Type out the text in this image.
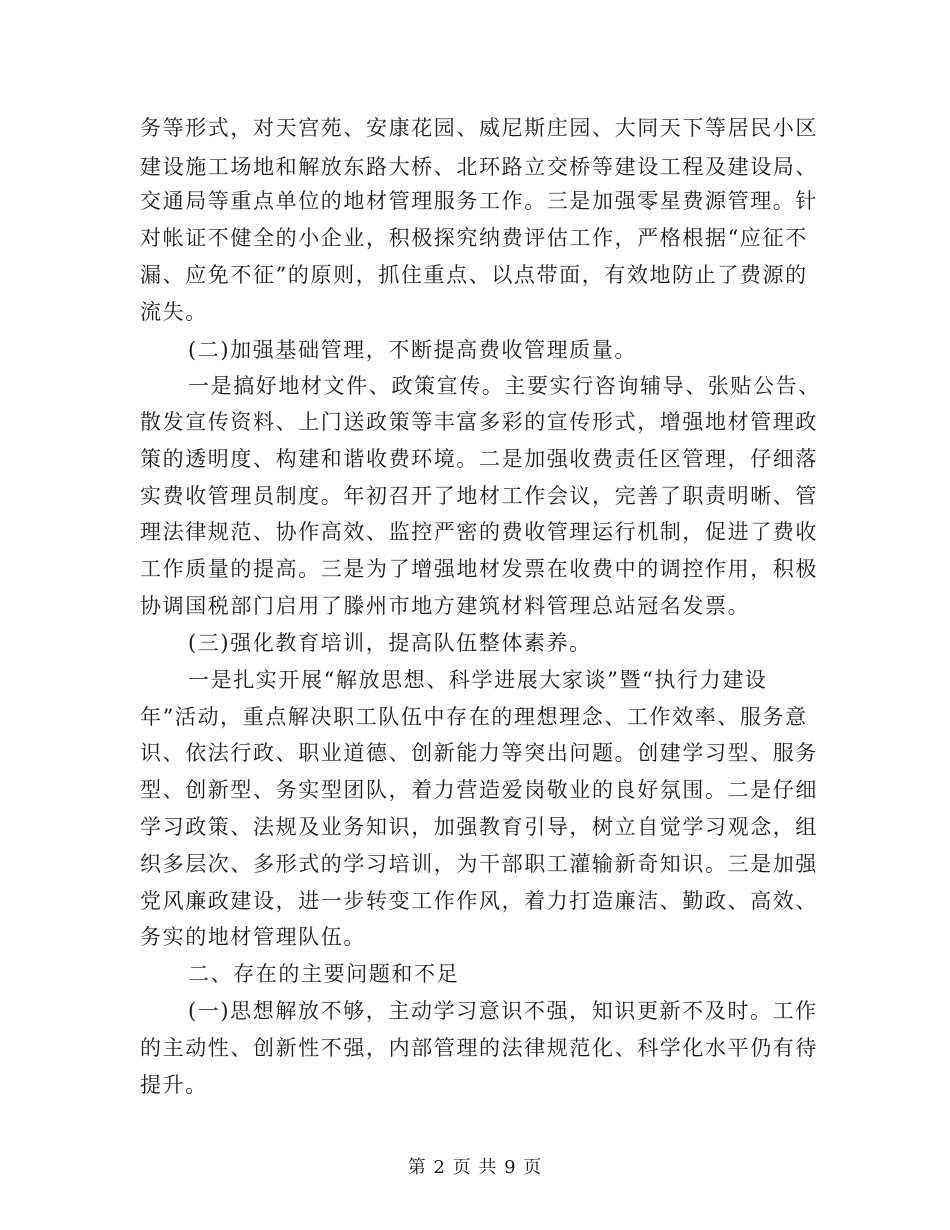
务等形式，对天宫苑、安康花园、威尼斯庄园、大同天下等居民小区
建设施工场地和解放东路大桥、北环路立交桥等建设工程及建设局、
交通局等重点单位的地材管理服务工作。三是加强零星费源管理。针
对帐证不健全的小企业，积极探究纳费评估工作，严格根据“应征不
漏、应免不征”的原则，抓住重点、以点带面，有效地防止了费源的
流失。
(二)加强基础管理，不断提高费收管理质量。
一是搞好地材文件、政策宣传。主要实行咨询辅导、张贴公告、
散发宣传资料、上门送政策等丰富多彩的宣传形式，增强地材管理政
策的透明度、构建和谐收费环境。二是加强收费责任区管理，仔细落
实费收管理员制度。年初召开了地材工作会议，完善了职责明晰、管
理法律规范、协作高效、监控严密的费收管理运行机制，促进了费收
工作质量的提高。三是为了增强地材发票在收费中的调控作用，积极
协调国税部门启用了滕州市地方建筑材料管理总站冠名发票。
(三)强化教育培训，提高队伍整体素养。
一是扎实开展“解放思想、科学进展大家谈”暨“执行力建设
年”活动，重点解决职工队伍中存在的理想理念、工作效率、服务意
识、依法行政、职业道德、创新能力等突出问题。创建学习型、服务
型、创新型、务实型团队，着力营造爱岗敬业的良好氛围。二是仔细
学习政策、法规及业务知识，加强教育引导，树立自觉学习观念，组
织多层次、多形式的学习培训，为干部职工灌输新奇知识。三是加强
党风廉政建设，进一步转变工作作风，着力打造廉洁、勤政、高效、
务实的地材管理队伍。
二、存在的主要问题和不足
(一)思想解放不够，主动学习意识不强，知识更新不及时。工作
的主动性、创新性不强，内部管理的法律规范化、科学化水平仍有待
提升。
第 2 页 共 9 页
